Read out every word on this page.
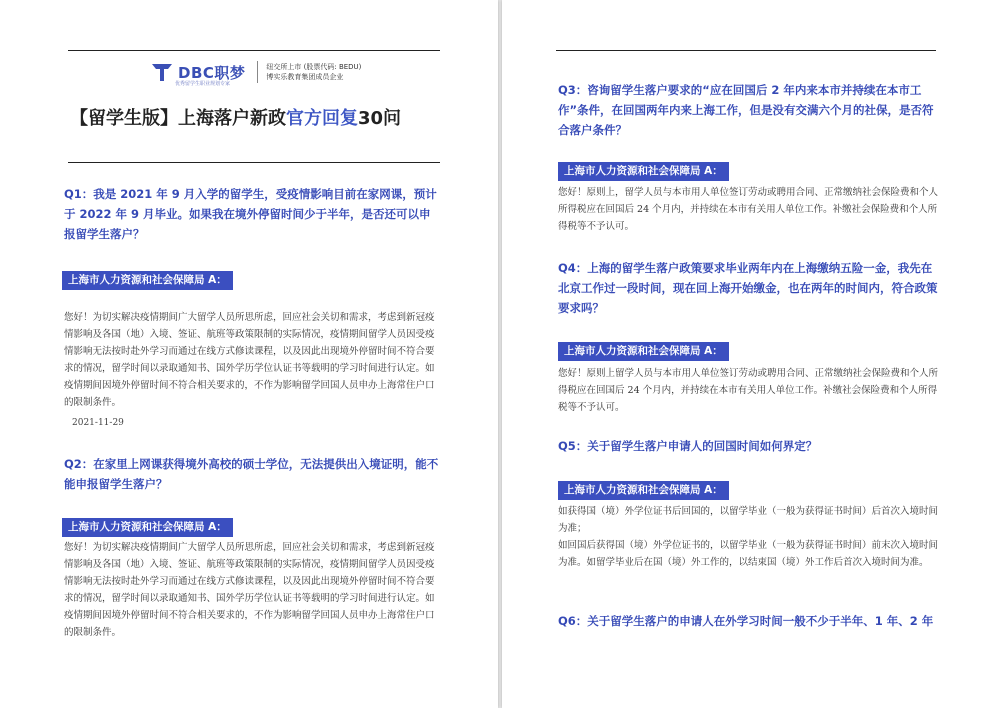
DBC职梦
优秀留学生职业规划专家
纽交所上市 (股票代码: BEDU)
博实乐教育集团成员企业
【留学生版】上海落户新政官方回复30问
Q1：我是 2021 年 9 月入学的留学生，受疫情影响目前在家网课，预计于 2022 年 9 月毕业。如果我在境外停留时间少于半年，是否还可以申报留学生落户？
上海市人力资源和社会保障局 A：

您好！为切实解决疫情期间广大留学人员所思所虑，回应社会关切和需求，考虑到新冠疫情影响及各国（地）入境、签证、航班等政策限制的实际情况，疫情期间留学人员因受疫情影响无法按时赴外学习而通过在线方式修读课程，以及因此出现境外停留时间不符合要求的情况，留学时间以录取通知书、国外学历学位认证书等载明的学习时间进行认定。如疫情期间因境外停留时间不符合相关要求的，不作为影响留学回国人员申办上海常住户口的限制条件。

2021-11-29
Q2：在家里上网课获得境外高校的硕士学位，无法提供出入境证明，能不能申报留学生落户？
上海市人力资源和社会保障局 A：

您好！为切实解决疫情期间广大留学人员所思所虑，回应社会关切和需求，考虑到新冠疫情影响及各国（地）入境、签证、航班等政策限制的实际情况，疫情期间留学人员因受疫情影响无法按时赴外学习而通过在线方式修读课程，以及因此出现境外停留时间不符合要求的情况，留学时间以录取通知书、国外学历学位认证书等载明的学习时间进行认定。如疫情期间因境外停留时间不符合相关要求的，不作为影响留学回国人员申办上海常住户口的限制条件。

Q3：咨询留学生落户要求的“应在回国后 2 年内来本市并持续在本市工作”条件，在回国两年内来上海工作，但是没有交满六个月的社保，是否符合落户条件？
上海市人力资源和社会保障局 A：

您好！原则上，留学人员与本市用人单位签订劳动或聘用合同、正常缴纳社会保险费和个人所得税应在回国后 24 个月内，并持续在本市有关用人单位工作。补缴社会保险费和个人所得税等不予认可。

Q4：上海的留学生落户政策要求毕业两年内在上海缴纳五险一金，我先在北京工作过一段时间，现在回上海开始缴金，也在两年的时间内，符合政策要求吗？
上海市人力资源和社会保障局 A：

您好！原则上留学人员与本市用人单位签订劳动或聘用合同、正常缴纳社会保险费和个人所得税应在回国后 24 个月内，并持续在本市有关用人单位工作。补缴社会保险费和个人所得税等不予认可。

Q5：关于留学生落户申请人的回国时间如何界定？
上海市人力资源和社会保障局 A：

如获得国（境）外学位证书后回国的，以留学毕业（一般为获得证书时间）后首次入境时间为准；

如回国后获得国（境）外学位证书的，以留学毕业（一般为获得证书时间）前末次入境时间为准。如留学毕业后在国（境）外工作的，以结束国（境）外工作后首次入境时间为准。

Q6：关于留学生落户的申请人在外学习时间一般不少于半年、1 年、2 年
